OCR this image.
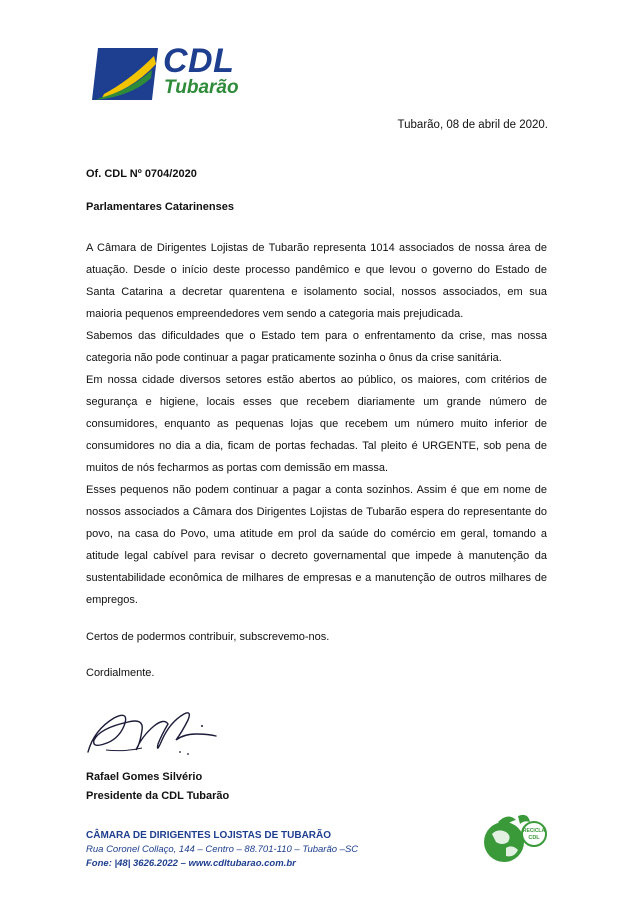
CDL
Tubarão
Tubarão, 08 de abril de 2020.
Of. CDL Nº 0704/2020
Parlamentares Catarinenses

A Câmara de Dirigentes Lojistas de Tubarão representa 1014 associados de nossa área de atuação. Desde o início deste processo pandêmico e que levou o governo do Estado de Santa Catarina a decretar quarentena e isolamento social, nossos associados, em sua maioria pequenos empreendedores vem sendo a categoria mais prejudicada.

Sabemos das dificuldades que o Estado tem para o enfrentamento da crise, mas nossa categoria não pode continuar a pagar praticamente sozinha o ônus da crise sanitária.

Em nossa cidade diversos setores estão abertos ao público, os maiores, com critérios de segurança e higiene, locais esses que recebem diariamente um grande número de consumidores, enquanto as pequenas lojas que recebem um número muito inferior de consumidores no dia a dia, ficam de portas fechadas. Tal pleito é URGENTE, sob pena de muitos de nós fecharmos as portas com demissão em massa.

Esses pequenos não podem continuar a pagar a conta sozinhos. Assim é que em nome de nossos associados a Câmara dos Dirigentes Lojistas de Tubarão espera do representante do povo, na casa do Povo, uma atitude em prol da saúde do comércio em geral, tomando a atitude legal cabível para revisar o decreto governamental que impede à manutenção da sustentabilidade econômica de milhares de empresas e a manutenção de outros milhares de empregos.

Certos de podermos contribuir, subscrevemo-nos.
Cordialmente.
Rafael Gomes Silvério
Presidente da CDL Tubarão
CÂMARA DE DIRIGENTES LOJISTAS DE TUBARÃO
Rua Coronel Collaço, 144 – Centro – 88.701-110 – Tubarão –SC
Fone: |48| 3626.2022 – www.cdltubarao.com.br
RECICLA
CDL
